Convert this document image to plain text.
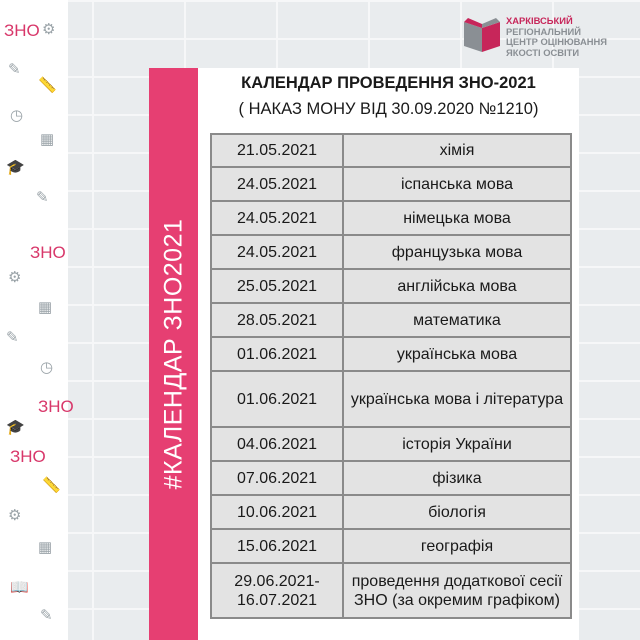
ЗНО ⚙
✎
📏
◷
▦
🎓
✎
ЗНО
⚙
▦
✎
◷
ЗНО
🎓
ЗНО
📏
⚙
▦
📖
✎
ХАРКІВСЬКИЙ
РЕГІОНАЛЬНИЙ
ЦЕНТР ОЦІНЮВАННЯ
ЯКОСТІ ОСВІТИ
#КАЛЕНДАР ЗНО2021
КАЛЕНДАР ПРОВЕДЕННЯ ЗНО-2021
( НАКАЗ МОНУ ВІД 30.09.2020 №1210)
21.05.2021	хімія
24.05.2021	іспанська мова
24.05.2021	німецька мова
24.05.2021	французька мова
25.05.2021	англійська мова
28.05.2021	математика
01.06.2021	українська мова
01.06.2021	українська мова і література
04.06.2021	історія України
07.06.2021	фізика
10.06.2021	біологія
15.06.2021	географія
29.06.2021-16.07.2021	проведення додаткової сесії ЗНО (за окремим графіком)
